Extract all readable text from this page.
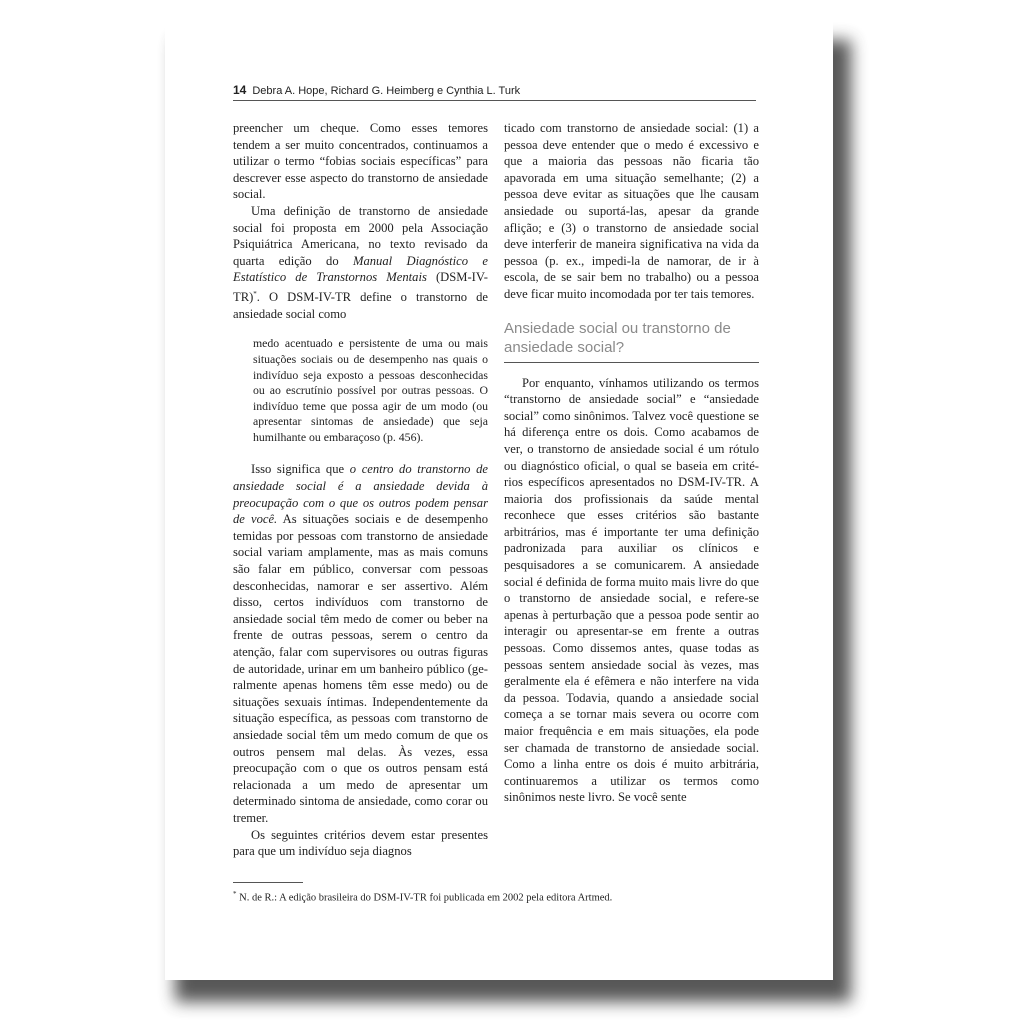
14 Debra A. Hope, Richard G. Heimberg e Cynthia L. Turk

preencher um cheque. Como esses temores tendem a ser muito concentrados, continuamos a utilizar o termo “fobias sociais específicas” para descrever esse aspecto do transtorno de ansiedade social.

Uma definição de transtorno de ansiedade social foi proposta em 2000 pela Associação Psiquiátrica Americana, no texto revisado da quarta edição do Manual Diagnóstico e Estatístico de Transtornos Mentais (DSM-IV-TR)*. O DSM-IV-TR define o transtorno de ansiedade social como

medo acentuado e persistente de uma ou mais situações sociais ou de desempenho nas quais o indivíduo seja exposto a pessoas desconhecidas ou ao escrutínio possível por outras pessoas. O indivíduo teme que possa agir de um modo (ou apresentar sintomas de ansiedade) que seja humilhante ou embaraçoso (p. 456).

Isso significa que o centro do transtorno de ansiedade social é a ansiedade devida à preocupação com o que os outros podem pensar de você. As situações sociais e de desempenho temidas por pessoas com transtorno de ansiedade social variam amplamente, mas as mais comuns são falar em público, conversar com pessoas desconhecidas, namorar e ser assertivo. Além disso, certos indivíduos com transtorno de ansiedade social têm medo de comer ou beber na frente de outras pessoas, serem o centro da atenção, falar com supervisores ou outras figuras de autoridade, urinar em um banheiro público (geralmente apenas homens têm esse medo) ou de situações sexuais íntimas. Independentemente da situação específica, as pessoas com transtorno de ansiedade social têm um medo comum de que os outros pensem mal delas. Às vezes, essa preocupação com o que os outros pensam está relacionada a um medo de apresentar um determinado sintoma de ansiedade, como corar ou tremer.

Os seguintes critérios devem estar presentes para que um indivíduo seja diagnos

ticado com transtorno de ansiedade social: (1) a pessoa deve entender que o medo é excessivo e que a maioria das pessoas não ficaria tão apavorada em uma situação semelhante; (2) a pessoa deve evitar as situações que lhe causam ansiedade ou suportá-las, apesar da grande aflição; e (3) o transtorno de ansiedade social deve interferir de maneira significativa na vida da pessoa (p. ex., impedi-la de namorar, de ir à escola, de se sair bem no trabalho) ou a pessoa deve ficar muito incomodada por ter tais temores.

Ansiedade social ou transtorno de ansiedade social?

Por enquanto, vínhamos utilizando os termos “transtorno de ansiedade social” e “ansiedade social” como sinônimos. Talvez você questione se há diferença entre os dois. Como acabamos de ver, o transtorno de ansiedade social é um rótulo ou diagnóstico oficial, o qual se baseia em critérios específicos apresentados no DSM-IV-TR. A maioria dos profissionais da saúde mental reconhece que esses critérios são bastante arbitrários, mas é importante ter uma definição padronizada para auxiliar os clínicos e pesquisadores a se comunicarem. A ansiedade social é definida de forma muito mais livre do que o transtorno de ansiedade social, e refere-se apenas à perturbação que a pessoa pode sentir ao interagir ou apresentar-se em frente a outras pessoas. Como dissemos antes, quase todas as pessoas sentem ansiedade social às vezes, mas geralmente ela é efêmera e não interfere na vida da pessoa. Todavia, quando a ansiedade social começa a se tornar mais severa ou ocorre com maior frequência e em mais situações, ela pode ser chamada de transtorno de ansiedade social. Como a linha entre os dois é muito arbitrária, continuaremos a utilizar os termos como sinônimos neste livro. Se você sente

* N. de R.: A edição brasileira do DSM-IV-TR foi publicada em 2002 pela editora Artmed.
